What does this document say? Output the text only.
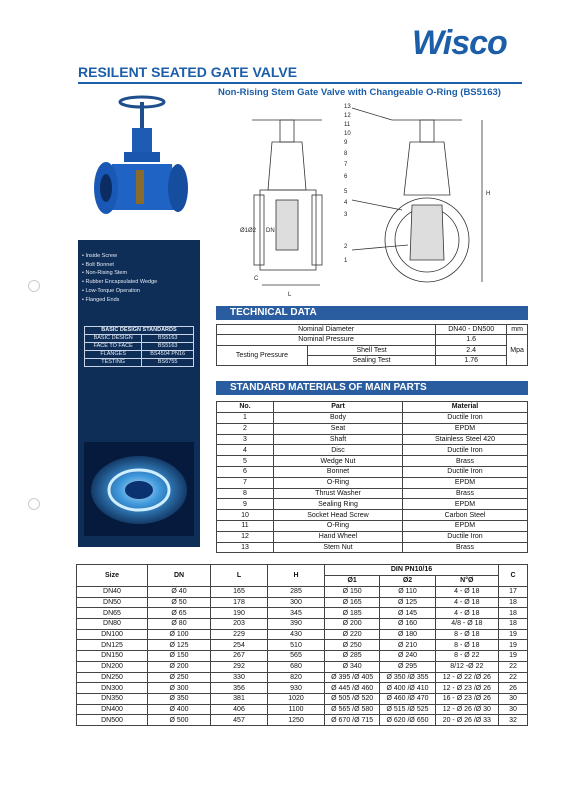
Wisco
RESILENT SEATED GATE VALVE
Non-Rising Stem Gate Valve with Changeable O-Ring (BS5163)
• Inside Screw
• Bolt Bonnet
• Non-Rising Stem
• Rubber Encapsulated Wedge
• Low-Torque Operation
• Flanged Ends
BASIC DESIGN STANDARDS	
BASIC DESIGN	BS5163
FACE TO FACE	BS5163
FLANGES	BS4504 PN16
TESTING	BS6755
13
12
11
10
9
8
7
6
5
4
3
2
1
H
L
C
DN
Ø1 Ø2
TECHNICAL DATA
Nominal Diameter		DN40 - DN500	mm
Nominal Pressure		1.6	Mpa
Testing Pressure	Shell Test	2.4	
	Sealing Test	1.76	
STANDARD MATERIALS OF MAIN PARTS
No.	Part	Material
1	Body	Ductile Iron
2	Seat	EPDM
3	Shaft	Stainless Steel 420
4	Disc	Ductile Iron
5	Wedge Nut	Brass
6	Bonnet	Ductile Iron
7	O-Ring	EPDM
8	Thrust Washer	Brass
9	Sealing Ring	EPDM
10	Socket Head Screw	Carbon Steel
11	O-Ring	EPDM
12	Hand Wheel	Ductile Iron
13	Stem Nut	Brass
Size	DN	L	H	DIN PN10/16			C
				Ø1	Ø2	N°Ø	
DN40	Ø 40	165	285	Ø 150	Ø 110	4 - Ø 18	17
DN50	Ø 50	178	300	Ø 165	Ø 125	4 - Ø 18	18
DN65	Ø 65	190	345	Ø 185	Ø 145	4 - Ø 18	18
DN80	Ø 80	203	390	Ø 200	Ø 160	4/8 - Ø 18	18
DN100	Ø 100	229	430	Ø 220	Ø 180	8 - Ø 18	19
DN125	Ø 125	254	510	Ø 250	Ø 210	8 - Ø 18	19
DN150	Ø 150	267	565	Ø 285	Ø 240	8 - Ø 22	19
DN200	Ø 200	292	680	Ø 340	Ø 295	8/12 -Ø 22	22
DN250	Ø 250	330	820	Ø 395 /Ø 405	Ø 350 /Ø 355	12 - Ø 22 /Ø 26	22
DN300	Ø 300	356	930	Ø 445 /Ø 460	Ø 400 /Ø 410	12 - Ø 23 /Ø 26	26
DN350	Ø 350	381	1020	Ø 505 /Ø 520	Ø 460 /Ø 470	16 - Ø 23 /Ø 26	30
DN400	Ø 400	406	1100	Ø 565 /Ø 580	Ø 515 /Ø 525	12 - Ø 26 /Ø 30	30
DN500	Ø 500	457	1250	Ø 670 /Ø 715	Ø 620 /Ø 650	20 - Ø 26 /Ø 33	32
